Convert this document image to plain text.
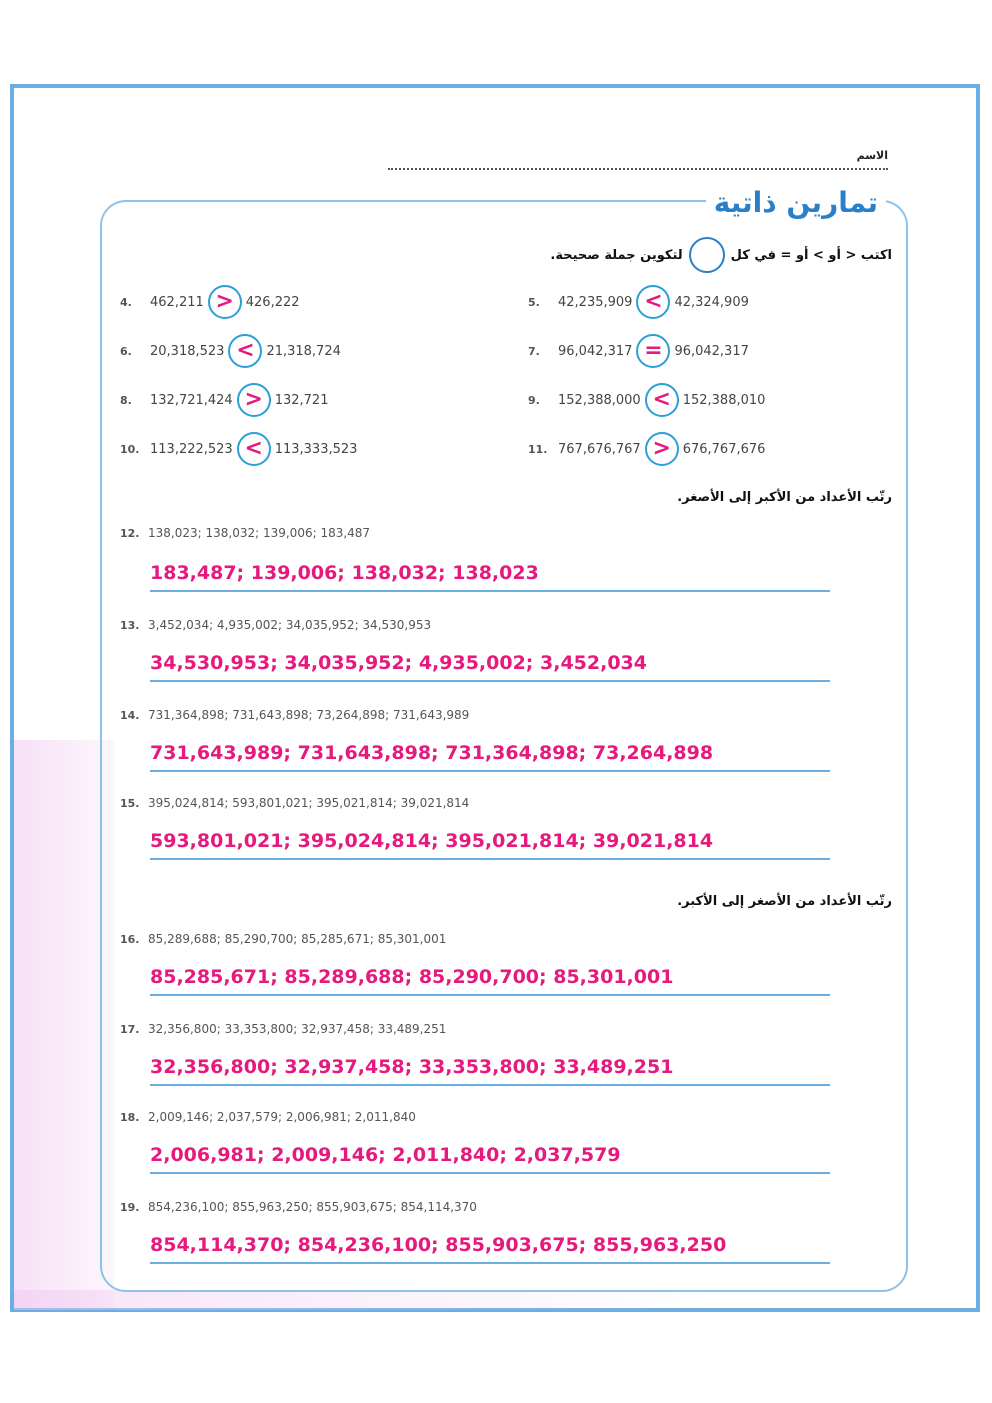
الاسم
تمارين ذاتية
اكتب < أو > أو = في كل
لتكوين جملة صحيحة.
4.	462,211 > 426,222	5.	42,235,909 < 42,324,909
6.	20,318,523 < 21,318,724	7.	96,042,317 = 96,042,317
8.	132,721,424 > 132,721	9.	152,388,000 < 152,388,010
10. 113,222,523 < 113,333,523	11. 767,676,767 > 676,767,676
رتّب الأعداد من الأكبر إلى الأصغر.
12. 138,023; 138,032; 139,006; 183,487
183,487; 139,006; 138,032; 138,023
13. 3,452,034; 4,935,002; 34,035,952; 34,530,953
34,530,953; 34,035,952; 4,935,002; 3,452,034
14. 731,364,898; 731,643,898; 73,264,898; 731,643,989
731,643,989; 731,643,898; 731,364,898; 73,264,898
15. 395,024,814; 593,801,021; 395,021,814; 39,021,814
593,801,021; 395,024,814; 395,021,814; 39,021,814
رتّب الأعداد من الأصغر إلى الأكبر.
16. 85,289,688; 85,290,700; 85,285,671; 85,301,001
85,285,671; 85,289,688; 85,290,700; 85,301,001
17. 32,356,800; 33,353,800; 32,937,458; 33,489,251
32,356,800; 32,937,458; 33,353,800; 33,489,251
18. 2,009,146; 2,037,579; 2,006,981; 2,011,840
2,006,981; 2,009,146; 2,011,840; 2,037,579
19. 854,236,100; 855,963,250; 855,903,675; 854,114,370
854,114,370; 854,236,100; 855,903,675; 855,963,250
